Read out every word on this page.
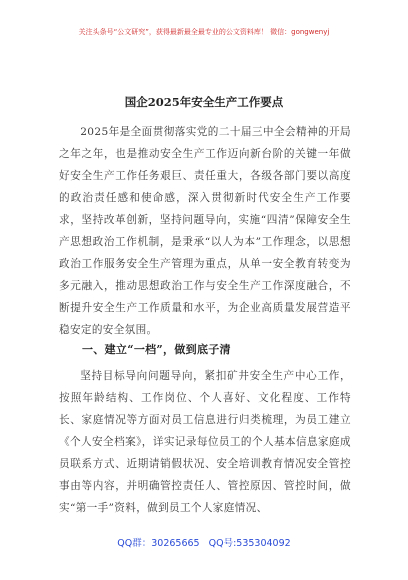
关注头条号“公文研究”，获得最新最全最专业的公文资料库！ 微信：gongwenyj
国企2025年安全生产工作要点

2025年是全面贯彻落实党的二十届三中全会精神的开局之年之年，也是推动安全生产工作迈向新台阶的关键一年做好安全生产工作任务艰巨、责任重大，各级各部门要以高度的政治责任感和使命感，深入贯彻新时代安全生产工作要求，坚持改革创新，坚持问题导向，实施“四清”保障安全生产思想政治工作机制，是秉承“以人为本”工作理念，以思想政治工作服务安全生产管理为重点，从单一安全教育转变为多元融入，推动思想政治工作与安全生产工作深度融合，不断提升安全生产工作质量和水平，为企业高质量发展营造平稳安定的安全氛围。

一、建立“一档”，做到底子清

坚持目标导向问题导向，紧扣矿井安全生产中心工作，按照年龄结构、工作岗位、个人喜好、文化程度、工作特长、家庭情况等方面对员工信息进行归类梳理，为员工建立《个人安全档案》，详实记录每位员工的个人基本信息家庭成员联系方式、近期请销假状况、安全培训教育情况安全管控事由等内容，并明确管控责任人、管控原因、管控时间，做实“第一手”资料，做到员工个人家庭情况、

QQ群：30265665 QQ号:535304092
